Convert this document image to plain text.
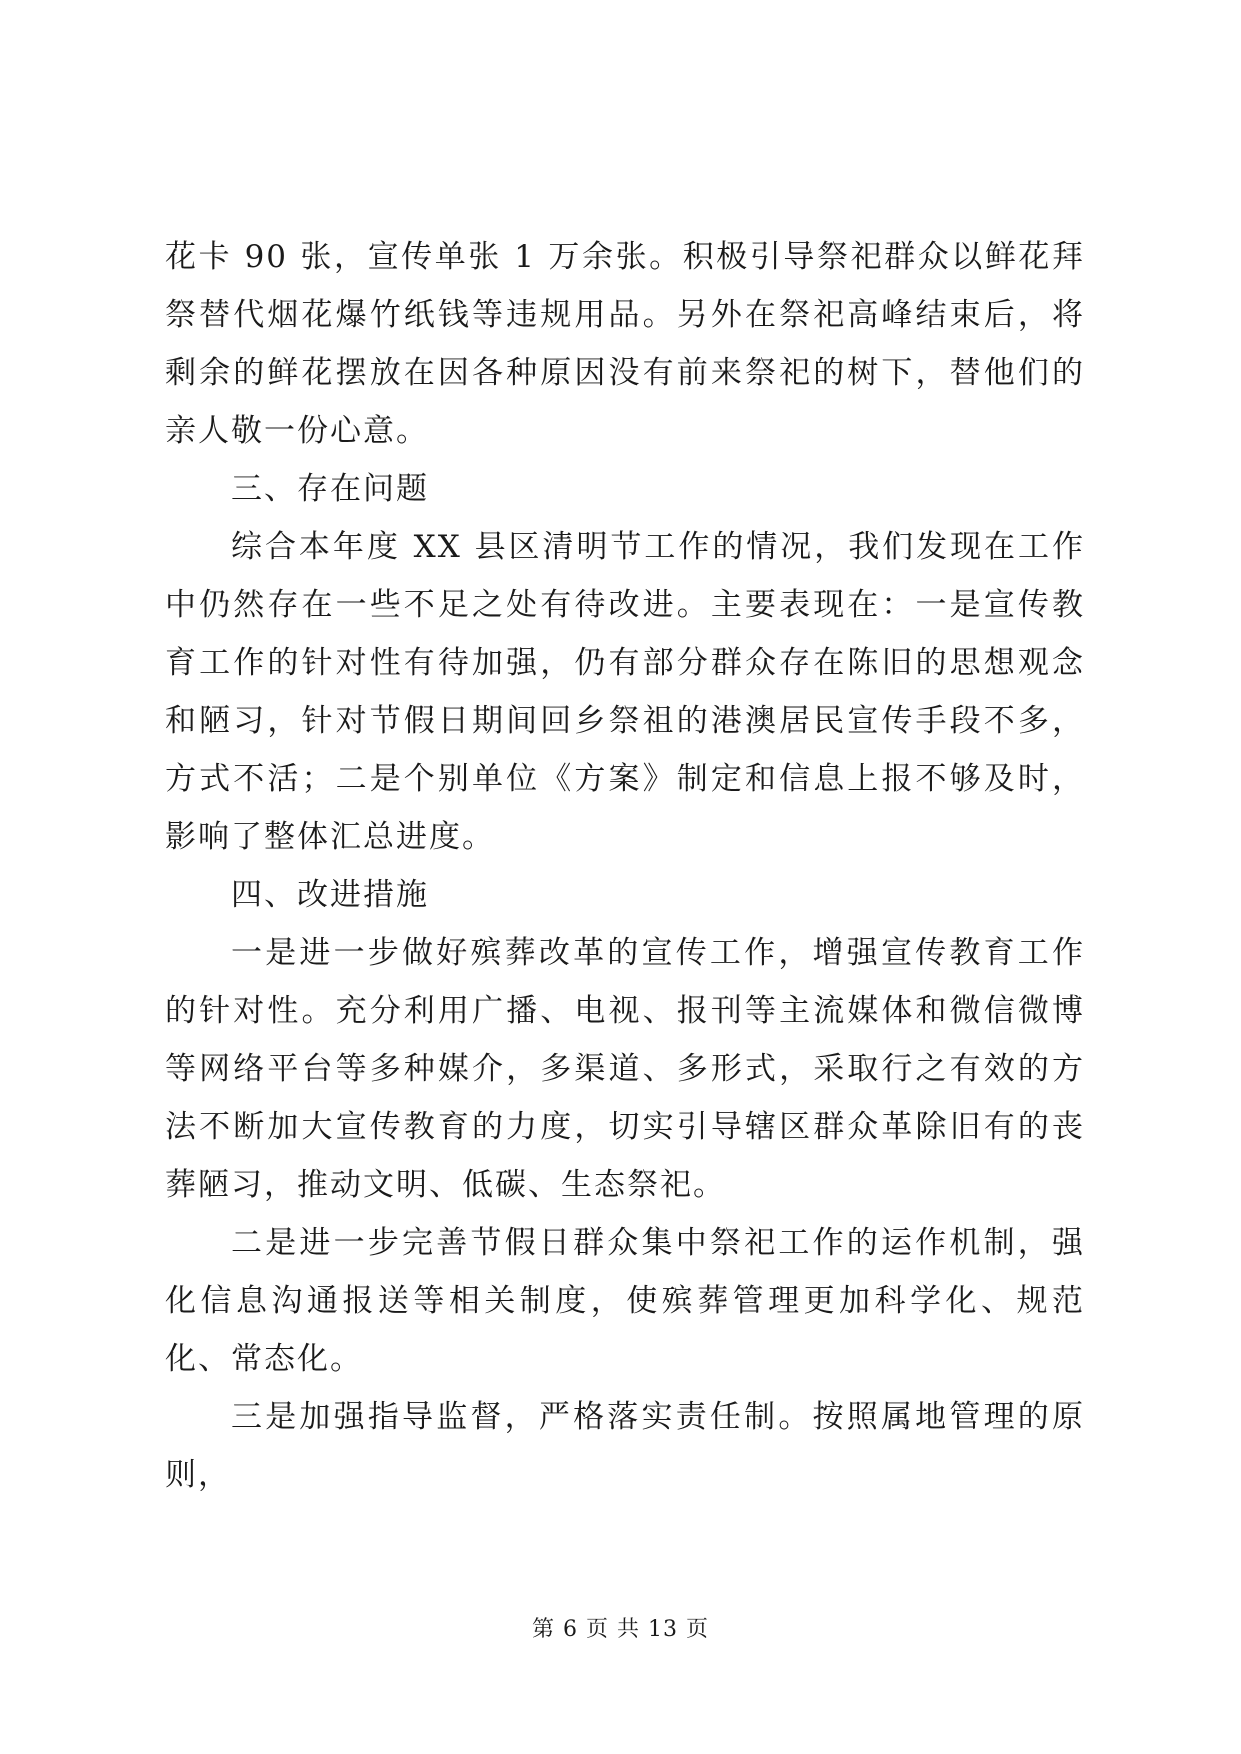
花卡 90 张，宣传单张 1 万余张。积极引导祭祀群众以鲜花拜祭替代烟花爆竹纸钱等违规用品。另外在祭祀高峰结束后，将剩余的鲜花摆放在因各种原因没有前来祭祀的树下，替他们的亲人敬一份心意。

三、存在问题

综合本年度 XX 县区清明节工作的情况，我们发现在工作中仍然存在一些不足之处有待改进。主要表现在：一是宣传教育工作的针对性有待加强，仍有部分群众存在陈旧的思想观念和陋习，针对节假日期间回乡祭祖的港澳居民宣传手段不多，方式不活；二是个别单位《方案》制定和信息上报不够及时，影响了整体汇总进度。

四、改进措施

一是进一步做好殡葬改革的宣传工作，增强宣传教育工作的针对性。充分利用广播、电视、报刊等主流媒体和微信微博等网络平台等多种媒介，多渠道、多形式，采取行之有效的方法不断加大宣传教育的力度，切实引导辖区群众革除旧有的丧葬陋习，推动文明、低碳、生态祭祀。

二是进一步完善节假日群众集中祭祀工作的运作机制，强化信息沟通报送等相关制度，使殡葬管理更加科学化、规范化、常态化。

三是加强指导监督，严格落实责任制。按照属地管理的原则，

第 6 页 共 13 页
